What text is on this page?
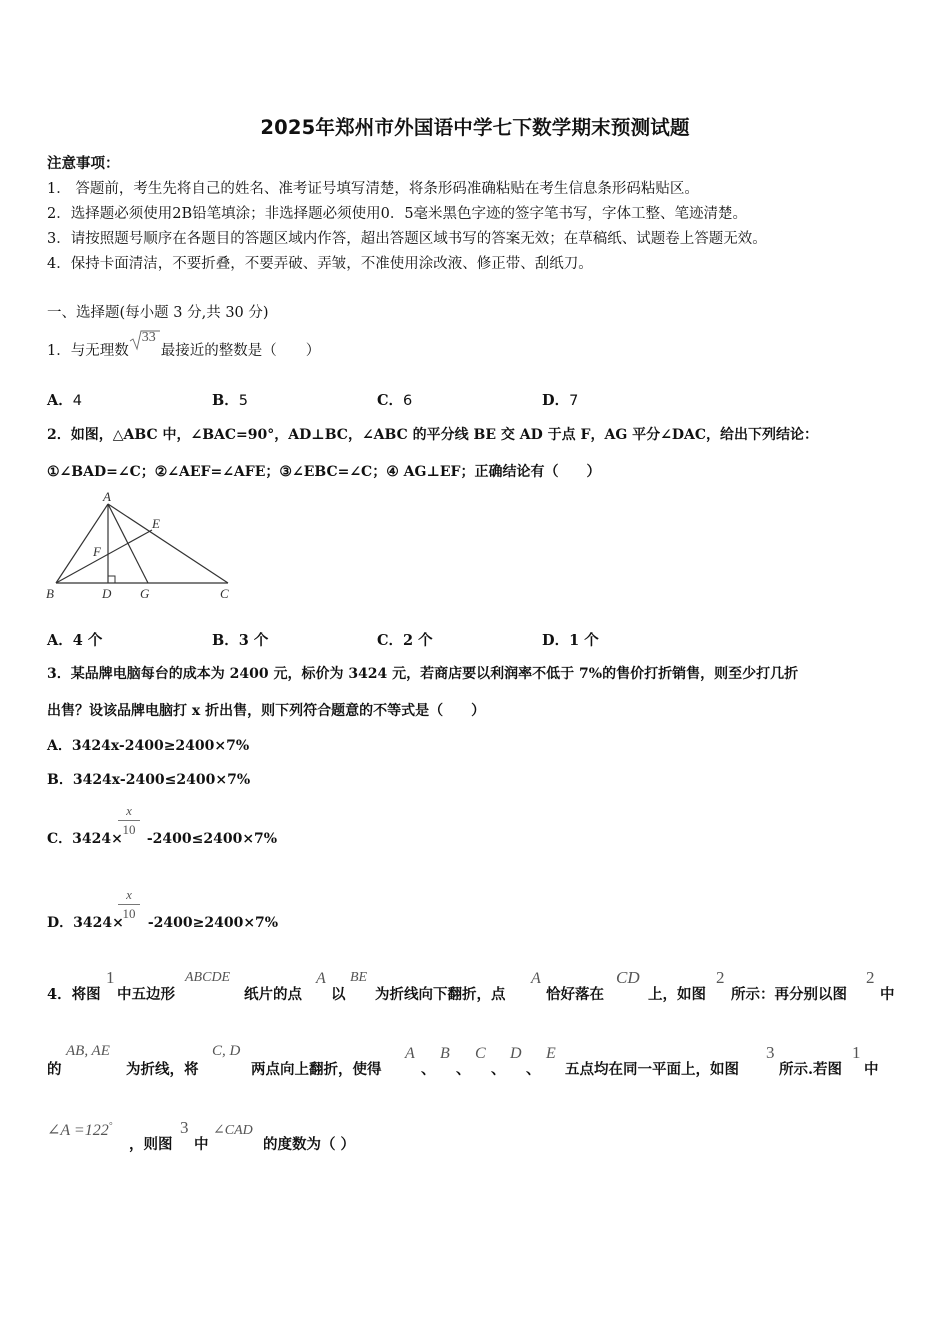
2025年郑州市外国语中学七下数学期末预测试题
注意事项：
1． 答题前，考生先将自己的姓名、准考证号填写清楚，将条形码准确粘贴在考生信息条形码粘贴区。
2．选择题必须使用2B铅笔填涂；非选择题必须使用0．5毫米黑色字迹的签字笔书写，字体工整、笔迹清楚。
3．请按照题号顺序在各题目的答题区域内作答，超出答题区域书写的答案无效；在草稿纸、试题卷上答题无效。
4．保持卡面清洁，不要折叠，不要弄破、弄皱，不准使用涂改液、修正带、刮纸刀。
一、选择题(每小题 3 分,共 30 分)
1．与无理数
33
最接近的整数是（　　）
A．4	B．5	C．6	D．7
2．如图，△ABC 中，∠BAC=90°，AD⊥BC，∠ABC 的平分线 BE 交 AD 于点 F，AG 平分∠DAC，给出下列结论：
①∠BAD=∠C；②∠AEF=∠AFE；③∠EBC=∠C；④ AG⊥EF；正确结论有（　　）
A
B	C
D
E
F
G
A．4 个	B．3 个	C．2 个	D．1 个
3．某品牌电脑每台的成本为 2400 元，标价为 3424 元，若商店要以利润率不低于 7%的售价打折销售，则至少打几折
出售？设该品牌电脑打 x 折出售，则下列符合题意的不等式是（　　）
A．3424x-2400≥2400×7%
B．3424x-2400≤2400×7%
C．3424× -2400≤2400×7%
x
10
D．3424× -2400≥2400×7%
x
10
4．将图
1
中五边形
ABCDE
纸片的点
A
以
BE
为折线向下翻折，点
A
恰好落在
CD
上，如图
2
所示：再分别以图
2
中
的
AB, AE
为折线，将
C, D
两点向上翻折，使得
A
、
B
、
C
、
D
、
E
五点均在同一平面上，如图
3
所示.若图
1
中
∠A =122°
，则图
3
中
∠CAD
的度数为（ ）
